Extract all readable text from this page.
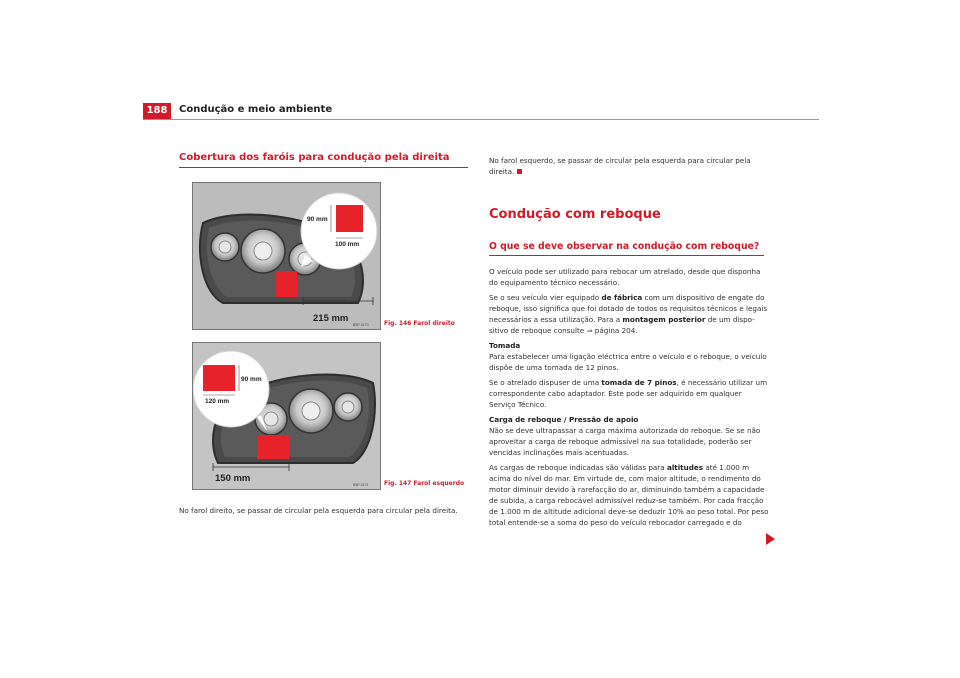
188	Condução e meio ambiente
Cobertura dos faróis para condução pela direita
90 mm
100 mm
215 mm
B5P-0170	Fig. 146 Farol direito
90 mm
120 mm
150 mm
B5P-0171	Fig. 147 Farol esquerdo
No farol direito, se passar de circular pela esquerda para circular pela direita.
No farol esquerdo, se passar de circular pela esquerda para circular pela direita.
Condução com reboque
O que se deve observar na condução com reboque?
O veículo pode ser utilizado para rebocar um atrelado, desde que disponha do equipamento técnico necessário.
Se o seu veículo vier equipado de fábrica com um dispositivo de engate do reboque, isso significa que foi dotado de todos os requisitos técnicos e legais necessários a essa utilização. Para a montagem posterior de um dispo-sitivo de reboque consulte ⇒ página 204.
Tomada
Para estabelecer uma ligação eléctrica entre o veículo e o reboque, o veículo dispõe de uma tomada de 12 pinos.
Se o atrelado dispuser de uma tomada de 7 pinos, é necessário utilizar um correspondente cabo adaptador. Este pode ser adquirido em qualquer Serviço Técnico.
Carga de reboque / Pressão de apoio
Não se deve ultrapassar a carga máxima autorizada do reboque. Se se não aproveitar a carga de reboque admissível na sua totalidade, poderão ser vencidas inclinações mais acentuadas.
As cargas de reboque indicadas são válidas para altitudes até 1.000 m acima do nível do mar. Em virtude de, com maior altitude, o rendimento do motor diminuir devido à rarefacção do ar, diminuindo também a capacidade de subida, a carga rebocável admissível reduz-se também. Por cada fracção de 1.000 m de altitude adicional deve-se deduzir 10% ao peso total. Por peso total entende-se a soma do peso do veículo rebocador carregado e do
